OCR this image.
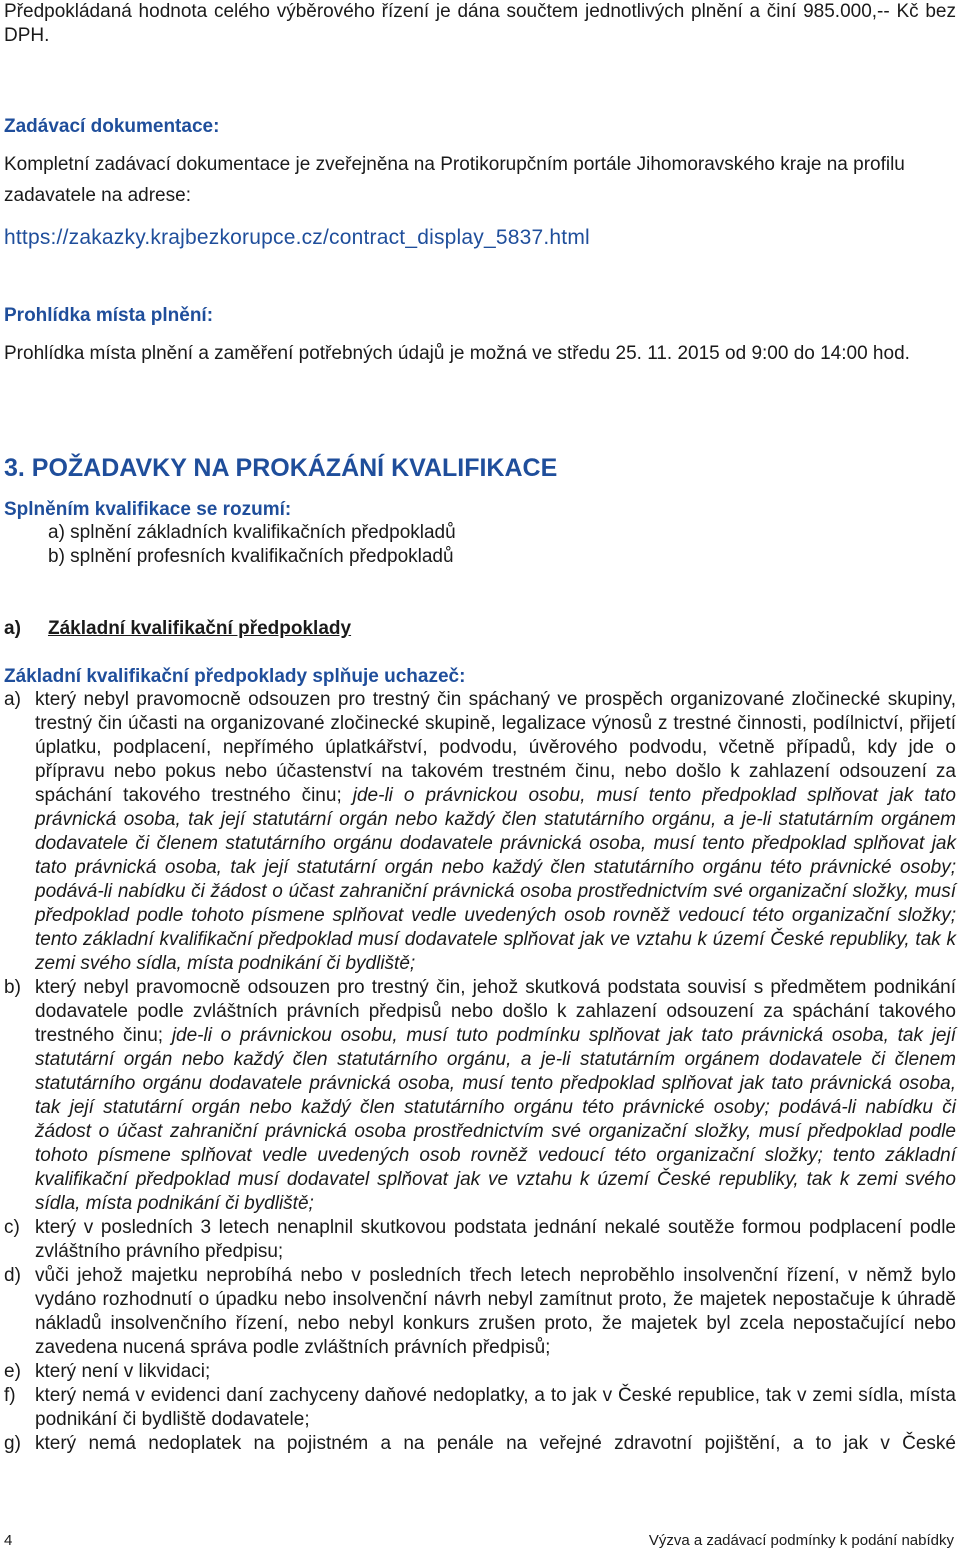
Předpokládaná hodnota celého výběrového řízení je dána součtem jednotlivých plnění a činí 985.000,-- Kč bez DPH.

Zadávací dokumentace:

Kompletní zadávací dokumentace je zveřejněna na Protikorupčním portále Jihomoravského kraje na profilu zadavatele na adrese:

https://zakazky.krajbezkorupce.cz/contract_display_5837.html
Prohlídka místa plnění:

Prohlídka místa plnění a zaměření potřebných údajů je možná ve středu 25. 11. 2015 od 9:00 do 14:00 hod.

3. POŽADAVKY NA PROKÁZÁNÍ KVALIFIKACE
Splněním kvalifikace se rozumí:
a) splnění základních kvalifikačních předpokladů
b) splnění profesních kvalifikačních předpokladů
a) Základní kvalifikační předpoklady
Základní kvalifikační předpoklady splňuje uchazeč:

a) který nebyl pravomocně odsouzen pro trestný čin spáchaný ve prospěch organizované zločinecké skupiny, trestný čin účasti na organizované zločinecké skupině, legalizace výnosů z trestné činnosti, podílnictví, přijetí úplatku, podplacení, nepřímého úplatkářství, podvodu, úvěrového podvodu, včetně případů, kdy jde o přípravu nebo pokus nebo účastenství na takovém trestném činu, nebo došlo k zahlazení odsouzení za spáchání takového trestného činu; jde-li o právnickou osobu, musí tento předpoklad splňovat jak tato právnická osoba, tak její statutární orgán nebo každý člen statutárního orgánu, a je-li statutárním orgánem dodavatele či členem statutárního orgánu dodavatele právnická osoba, musí tento předpoklad splňovat jak tato právnická osoba, tak její statutární orgán nebo každý člen statutárního orgánu této právnické osoby; podává-li nabídku či žádost o účast zahraniční právnická osoba prostřednictvím své organizační složky, musí předpoklad podle tohoto písmene splňovat vedle uvedených osob rovněž vedoucí této organizační složky; tento základní kvalifikační předpoklad musí dodavatele splňovat jak ve vztahu k území České republiky, tak k zemi svého sídla, místa podnikání či bydliště;

b) který nebyl pravomocně odsouzen pro trestný čin, jehož skutková podstata souvisí s předmětem podnikání dodavatele podle zvláštních právních předpisů nebo došlo k zahlazení odsouzení za spáchání takového trestného činu; jde-li o právnickou osobu, musí tuto podmínku splňovat jak tato právnická osoba, tak její statutární orgán nebo každý člen statutárního orgánu, a je-li statutárním orgánem dodavatele či členem statutárního orgánu dodavatele právnická osoba, musí tento předpoklad splňovat jak tato právnická osoba, tak její statutární orgán nebo každý člen statutárního orgánu této právnické osoby; podává-li nabídku či žádost o účast zahraniční právnická osoba prostřednictvím své organizační složky, musí předpoklad podle tohoto písmene splňovat vedle uvedených osob rovněž vedoucí této organizační složky; tento základní kvalifikační předpoklad musí dodavatel splňovat jak ve vztahu k území České republiky, tak k zemi svého sídla, místa podnikání či bydliště;

c) který v posledních 3 letech nenaplnil skutkovou podstata jednání nekalé soutěže formou podplacení podle zvláštního právního předpisu;

d) vůči jehož majetku neprobíhá nebo v posledních třech letech neproběhlo insolvenční řízení, v němž bylo vydáno rozhodnutí o úpadku nebo insolvenční návrh nebyl zamítnut proto, že majetek nepostačuje k úhradě nákladů insolvenčního řízení, nebo nebyl konkurs zrušen proto, že majetek byl zcela nepostačující nebo zavedena nucená správa podle zvláštních právních předpisů;

e) který není v likvidaci;

f) který nemá v evidenci daní zachyceny daňové nedoplatky, a to jak v České republice, tak v zemi sídla, místa podnikání či bydliště dodavatele;

g) který nemá nedoplatek na pojistném a na penále na veřejné zdravotní pojištění, a to jak v České

4	Výzva a zadávací podmínky k podání nabídky
